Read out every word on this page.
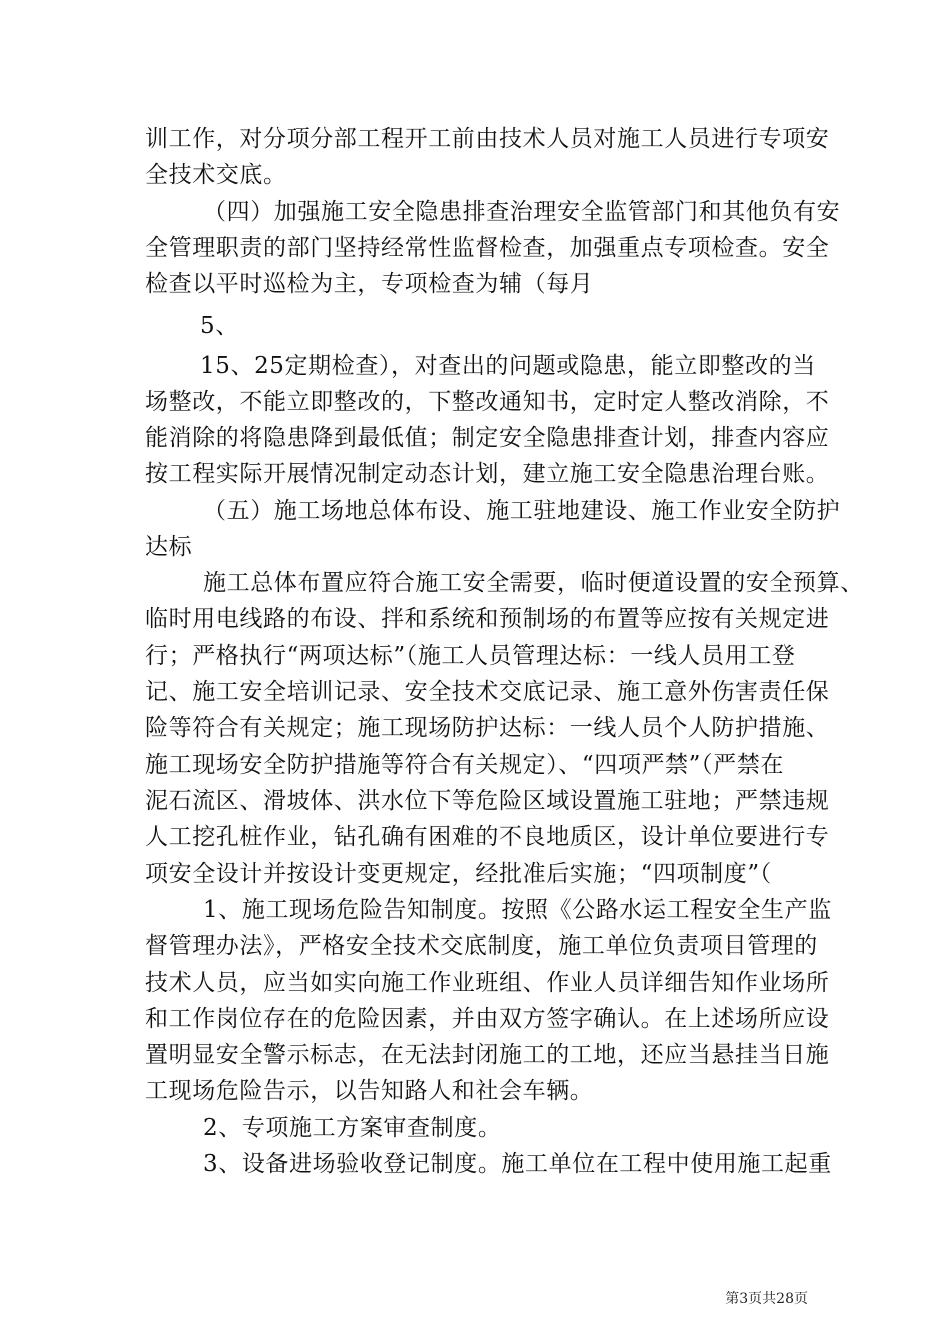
训工作，对分项分部工程开工前由技术人员对施工人员进行专项安

全技术交底。

（四）加强施工安全隐患排查治理安全监管部门和其他负有安

全管理职责的部门坚持经常性监督检查，加强重点专项检查。安全

检查以平时巡检为主，专项检查为辅（每月

5、

15、25定期检查），对查出的问题或隐患，能立即整改的当

场整改，不能立即整改的，下整改通知书，定时定人整改消除，不

能消除的将隐患降到最低值；制定安全隐患排查计划，排查内容应

按工程实际开展情况制定动态计划，建立施工安全隐患治理台账。

（五）施工场地总体布设、施工驻地建设、施工作业安全防护

达标

施工总体布置应符合施工安全需要，临时便道设置的安全预算、

临时用电线路的布设、拌和系统和预制场的布置等应按有关规定进

行；严格执行“两项达标”（施工人员管理达标：一线人员用工登

记、施工安全培训记录、安全技术交底记录、施工意外伤害责任保

险等符合有关规定；施工现场防护达标：一线人员个人防护措施、

施工现场安全防护措施等符合有关规定）、“四项严禁”（严禁在

泥石流区、滑坡体、洪水位下等危险区域设置施工驻地；严禁违规

人工挖孔桩作业，钻孔确有困难的不良地质区，设计单位要进行专

项安全设计并按设计变更规定，经批准后实施；“四项制度”（

1、施工现场危险告知制度。按照《公路水运工程安全生产监

督管理办法》，严格安全技术交底制度，施工单位负责项目管理的

技术人员，应当如实向施工作业班组、作业人员详细告知作业场所

和工作岗位存在的危险因素，并由双方签字确认。在上述场所应设

置明显安全警示标志，在无法封闭施工的工地，还应当悬挂当日施

工现场危险告示，以告知路人和社会车辆。

2、专项施工方案审查制度。

3、设备进场验收登记制度。施工单位在工程中使用施工起重

第3页共28页
